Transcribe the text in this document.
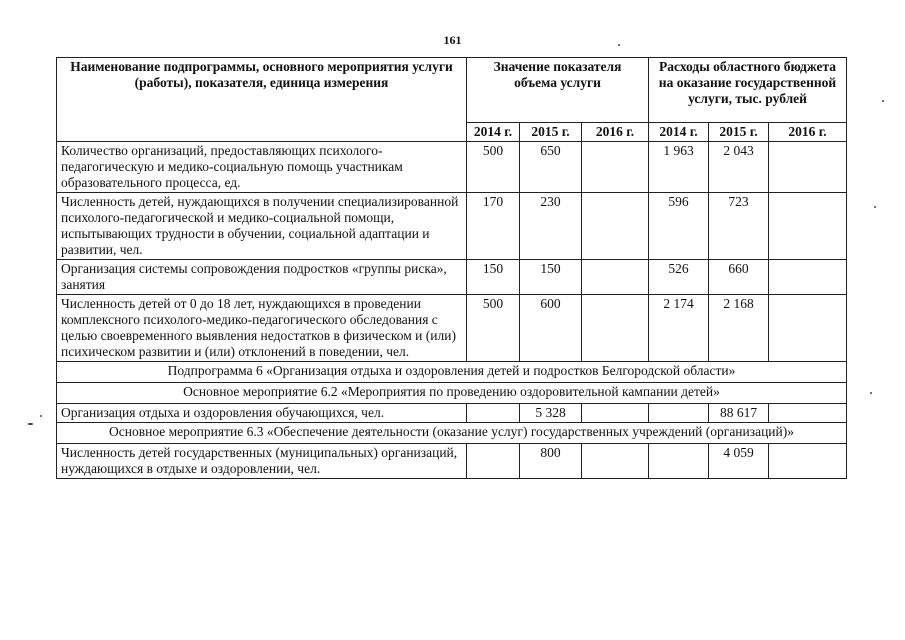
161
Наименование подпрограммы, основного мероприятия услуги (работы), показателя, единица измерения	Значение показателя объема услуги			Расходы областного бюджета на оказание государственной услуги, тыс. рублей		
	2014 г.	2015 г.	2016 г.	2014 г.	2015 г.	2016 г.
Количество организаций, предоставляющих психолого-педагогическую и медико-социальную помощь участникам образовательного процесса, ед.	500	650		1 963	2 043	
Численность детей, нуждающихся в получении специализированной психолого-педагогической и медико-социальной помощи, испытывающих трудности в обучении, социальной адаптации и развитии, чел.	170	230		596	723	
Организация системы сопровождения подростков «группы риска», занятия	150	150		526	660	
Численность детей от 0 до 18 лет, нуждающихся в проведении комплексного психолого-медико-педагогического обследования с целью своевременного выявления недостатков в физическом и (или) психическом развитии и (или) отклонений в поведении, чел.	500	600		2 174	2 168	
Подпрограмма 6 «Организация отдыха и оздоровления детей и подростков Белгородской области»						
Основное мероприятие 6.2 «Мероприятия по проведению оздоровительной кампании детей»						
Организация отдыха и оздоровления обучающихся, чел.		5 328			88 617	
Основное мероприятие 6.3 «Обеспечение деятельности (оказание услуг) государственных учреждений (организаций)»						
Численность детей государственных (муниципальных) организаций, нуждающихся в отдыхе и оздоровлении, чел.		800			4 059	
